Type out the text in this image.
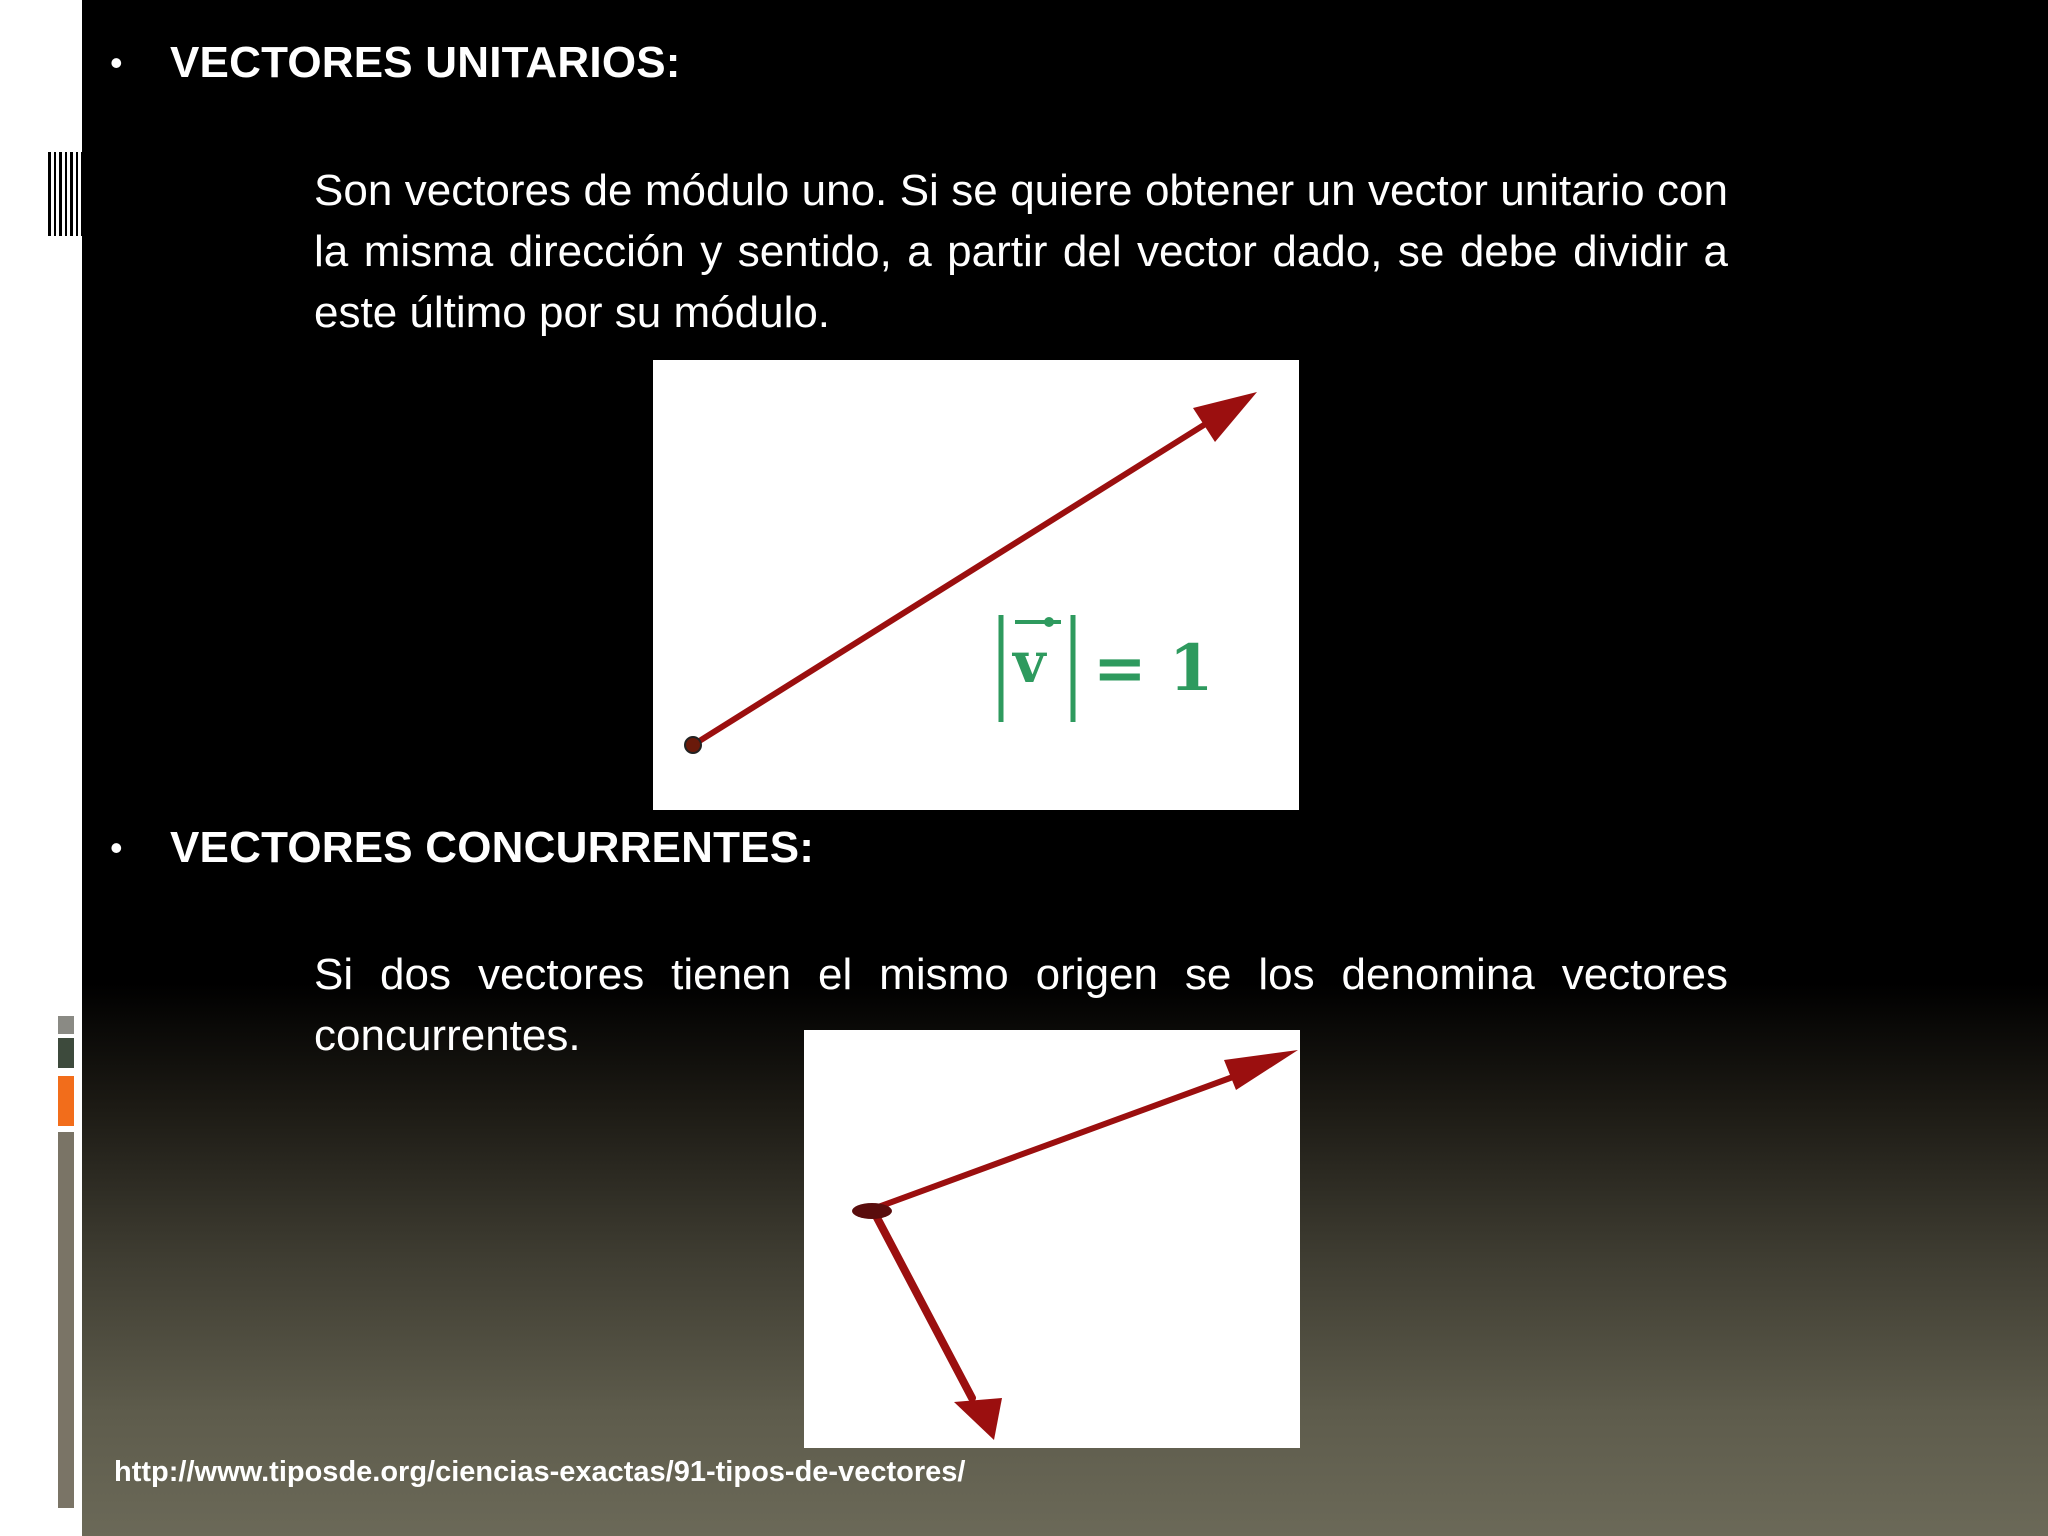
•	VECTORES UNITARIOS:
Son vectores de módulo uno. Si se quiere obtener un vector unitario con la misma dirección y sentido, a partir del vector dado, se debe dividir a este último por su módulo.
v = 1
•	VECTORES CONCURRENTES:
Si dos vectores tienen el mismo origen se los denomina vectores concurrentes.
http://www.tiposde.org/ciencias-exactas/91-tipos-de-vectores/
